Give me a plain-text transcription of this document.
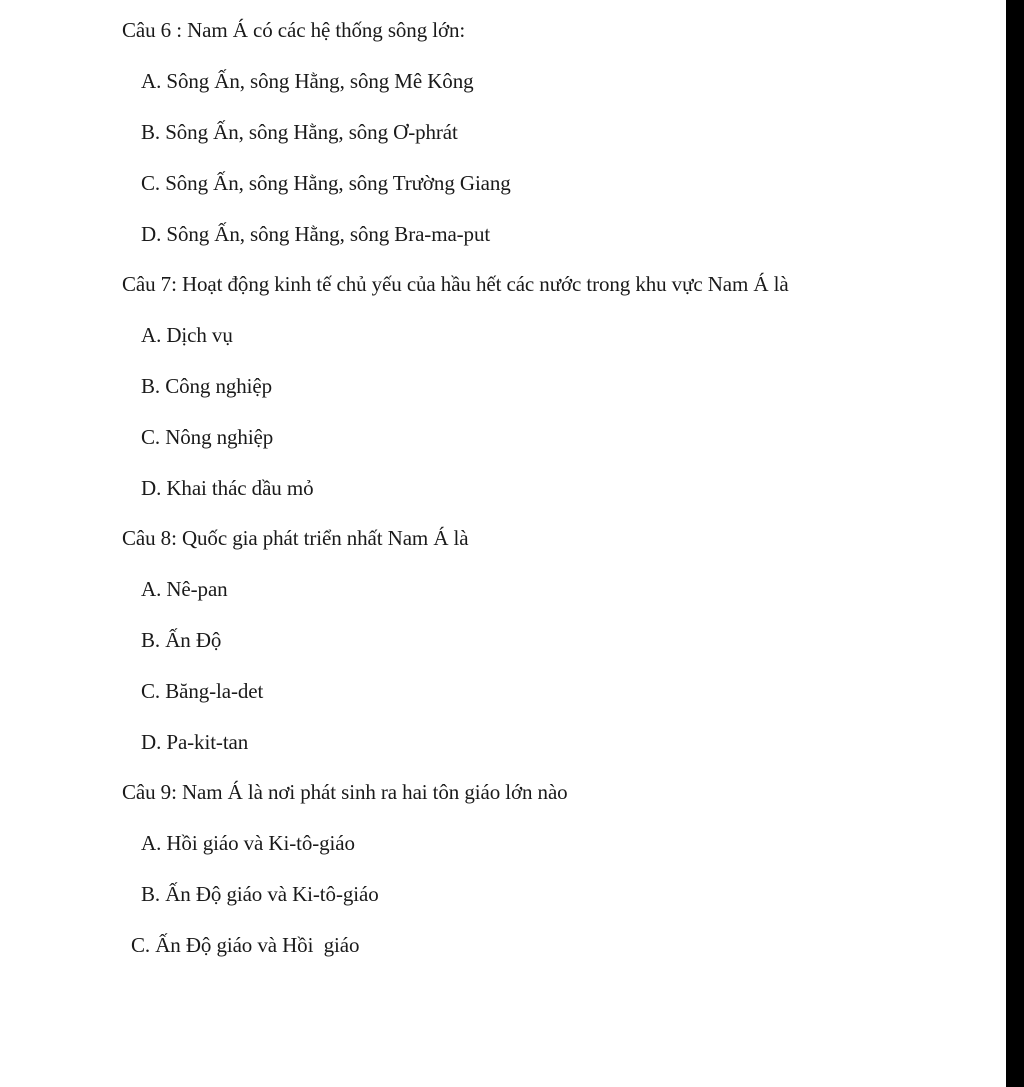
Câu 6 : Nam Á có các hệ thống sông lớn:
A. Sông Ấn, sông Hằng, sông Mê Kông
B. Sông Ấn, sông Hằng, sông Ơ-phrát
C. Sông Ấn, sông Hằng, sông Trường Giang
D. Sông Ấn, sông Hằng, sông Bra-ma-put
Câu 7: Hoạt động kinh tế chủ yếu của hầu hết các nước trong khu vực Nam Á là
A. Dịch vụ
B. Công nghiệp
C. Nông nghiệp
D. Khai thác dầu mỏ
Câu 8: Quốc gia phát triển nhất Nam Á là
A. Nê-pan
B. Ấn Độ
C. Băng-la-det
D. Pa-kit-tan
Câu 9: Nam Á là nơi phát sinh ra hai tôn giáo lớn nào
A. Hồi giáo và Ki-tô-giáo
B. Ấn Độ giáo và Ki-tô-giáo
C. Ấn Độ giáo và Hồi  giáo
